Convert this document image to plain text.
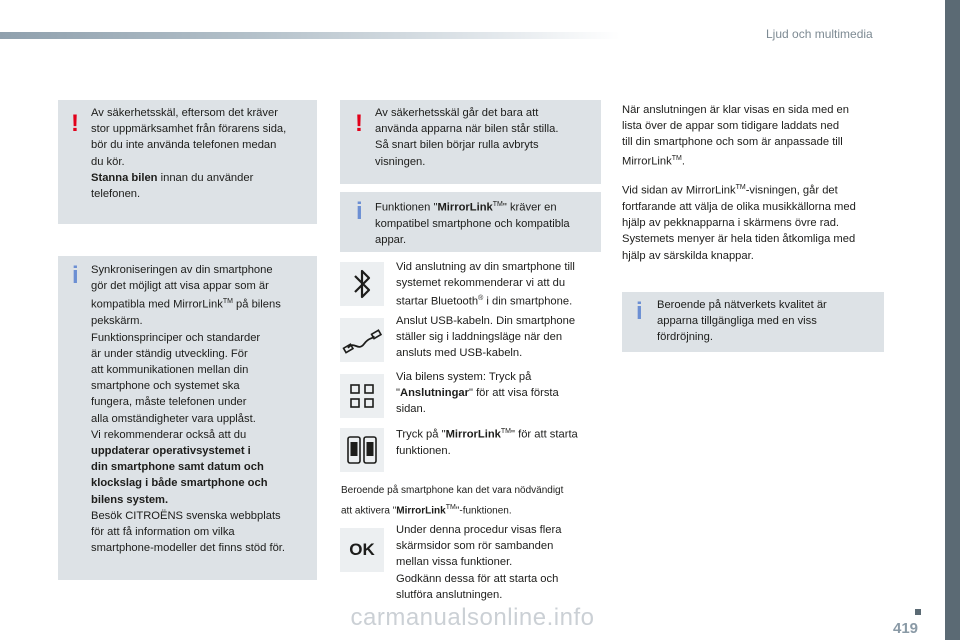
Ljud och multimedia
! Av säkerhetsskäl, eftersom det kräver
stor uppmärksamhet från förarens sida,
bör du inte använda telefonen medan
du kör.
Stanna bilen innan du använder
telefonen.
i Synkroniseringen av din smartphone
gör det möjligt att visa appar som är
kompatibla med MirrorLink™ på bilens
pekskärm.
Funktionsprinciper och standarder
är under ständig utveckling. För
att kommunikationen mellan din
smartphone och systemet ska
fungera, måste telefonen under
alla omständigheter vara upplåst.
Vi rekommenderar också att du
uppdaterar operativsystemet i
din smartphone samt datum och
klockslag i både smartphone och
bilens system.
Besök CITROËNS svenska webbplats
för att få information om vilka
smartphone-modeller det finns stöd för.
! Av säkerhetsskäl går det bara att
använda apparna när bilen står stilla.
Så snart bilen börjar rulla avbryts
visningen.
i Funktionen "MirrorLink™" kräver en
kompatibel smartphone och kompatibla
appar.
Vid anslutning av din smartphone till
systemet rekommenderar vi att du
startar Bluetooth® i din smartphone.
Anslut USB-kabeln. Din smartphone
ställer sig i laddningsläge när den
ansluts med USB-kabeln.
Via bilens system: Tryck på
"Anslutningar" för att visa första
sidan.
Tryck på "MirrorLink™" för att starta
funktionen.
Beroende på smartphone kan det vara nödvändigt
att aktivera "MirrorLink™"-funktionen.
OK
Under denna procedur visas flera
skärmsidor som rör sambanden
mellan vissa funktioner.
Godkänn dessa för att starta och
slutföra anslutningen.
När anslutningen är klar visas en sida med en
lista över de appar som tidigare laddats ned
till din smartphone och som är anpassade till
MirrorLink™.
Vid sidan av MirrorLink™-visningen, går det
fortfarande att välja de olika musikkällorna med
hjälp av pekknapparna i skärmens övre rad.
Systemets menyer är hela tiden åtkomliga med
hjälp av särskilda knappar.
i Beroende på nätverkets kvalitet är
apparna tillgängliga med en viss
fördröjning.
carmanualsonline.info	419
